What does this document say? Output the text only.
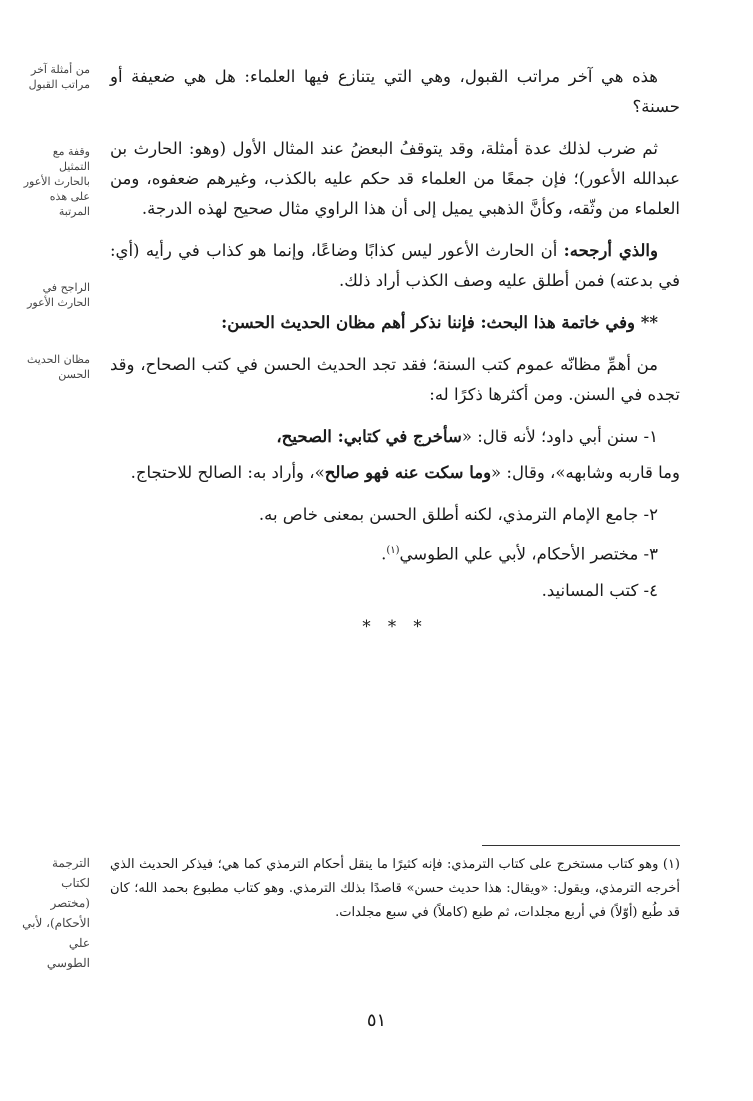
من أمثلة آخر مراتب القبول
وقفة مع التمثيل بالحارث الأعور على هذه المرتبة
الراجح في الحارث الأعور
مظان الحديث الحسن

هذه هي آخر مراتب القبول، وهي التي يتنازع فيها العلماء: هل هي ضعيفة أو حسنة؟

ثم ضرب لذلك عدة أمثلة، وقد يتوقفُ البعضُ عند المثال الأول (وهو: الحارث بن عبدالله الأعور)؛ فإن جمعًا من العلماء قد حكم عليه بالكذب، وغيرهم ضعفوه، ومن العلماء من وثّقه، وكأنَّ الذهبي يميل إلى أن هذا الراوي مثال صحيح لهذه الدرجة.

والذي أرجحه: أن الحارث الأعور ليس كذابًا وضاعًا، وإنما هو كذاب في رأيه (أي: في بدعته) فمن أطلق عليه وصف الكذب أراد ذلك.

** وفي خاتمة هذا البحث: فإننا نذكر أهم مظان الحديث الحسن:

من أهمِّ مظانّه عموم كتب السنة؛ فقد تجد الحديث الحسن في كتب الصحاح، وقد تجده في السنن. ومن أكثرها ذكرًا له:

١- سنن أبي داود؛ لأنه قال: «سأخرج في كتابي: الصحيح،

وما قاربه وشابهه»، وقال: «وما سكت عنه فهو صالح»، وأراد به: الصالح للاحتجاج.

٢- جامع الإمام الترمذي، لكنه أطلق الحسن بمعنى خاص به.

٣- مختصر الأحكام، لأبي علي الطوسي$^{(١)}$.

٤- كتب المسانيد.

* * *

(١) وهو كتاب مستخرج على كتاب الترمذي: فإنه كثيرًا ما ينقل أحكام الترمذي كما هي؛ فيذكر الحديث الذي أخرجه الترمذي، ويقول: «ويقال: هذا حديث حسن» قاصدًا بذلك الترمذي. وهو كتاب مطبوع بحمد الله؛ كان قد طُبع (أوّلاً) في أربع مجلدات، ثم طبع (كاملاً) في سبع مجلدات.

الترجمة لكتاب (مختصر الأحكام)، لأبي علي الطوسي
٥١
